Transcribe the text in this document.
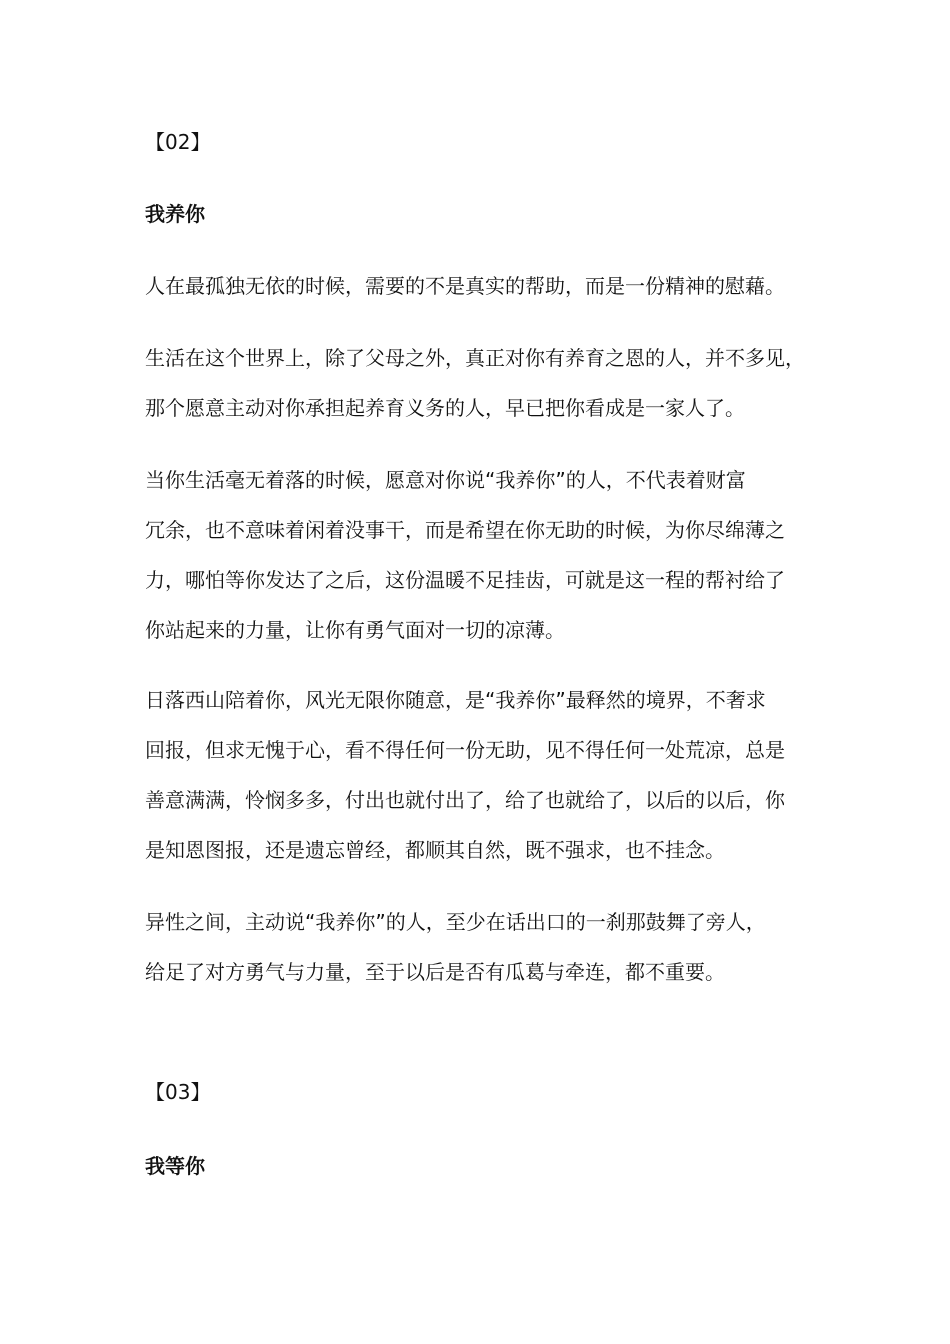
【02】
我养你
人在最孤独无依的时候，需要的不是真实的帮助，而是一份精神的慰藉。
生活在这个世界上，除了父母之外，真正对你有养育之恩的人，并不多见，
那个愿意主动对你承担起养育义务的人，早已把你看成是一家人了。
当你生活毫无着落的时候，愿意对你说“我养你”的人，不代表着财富
冗余，也不意味着闲着没事干，而是希望在你无助的时候，为你尽绵薄之
力，哪怕等你发达了之后，这份温暖不足挂齿，可就是这一程的帮衬给了
你站起来的力量，让你有勇气面对一切的凉薄。
日落西山陪着你，风光无限你随意，是“我养你”最释然的境界，不奢求
回报，但求无愧于心，看不得任何一份无助，见不得任何一处荒凉，总是
善意满满，怜悯多多，付出也就付出了，给了也就给了，以后的以后，你
是知恩图报，还是遗忘曾经，都顺其自然，既不强求，也不挂念。
异性之间，主动说“我养你”的人，至少在话出口的一刹那鼓舞了旁人，
给足了对方勇气与力量，至于以后是否有瓜葛与牵连，都不重要。
【03】
我等你
